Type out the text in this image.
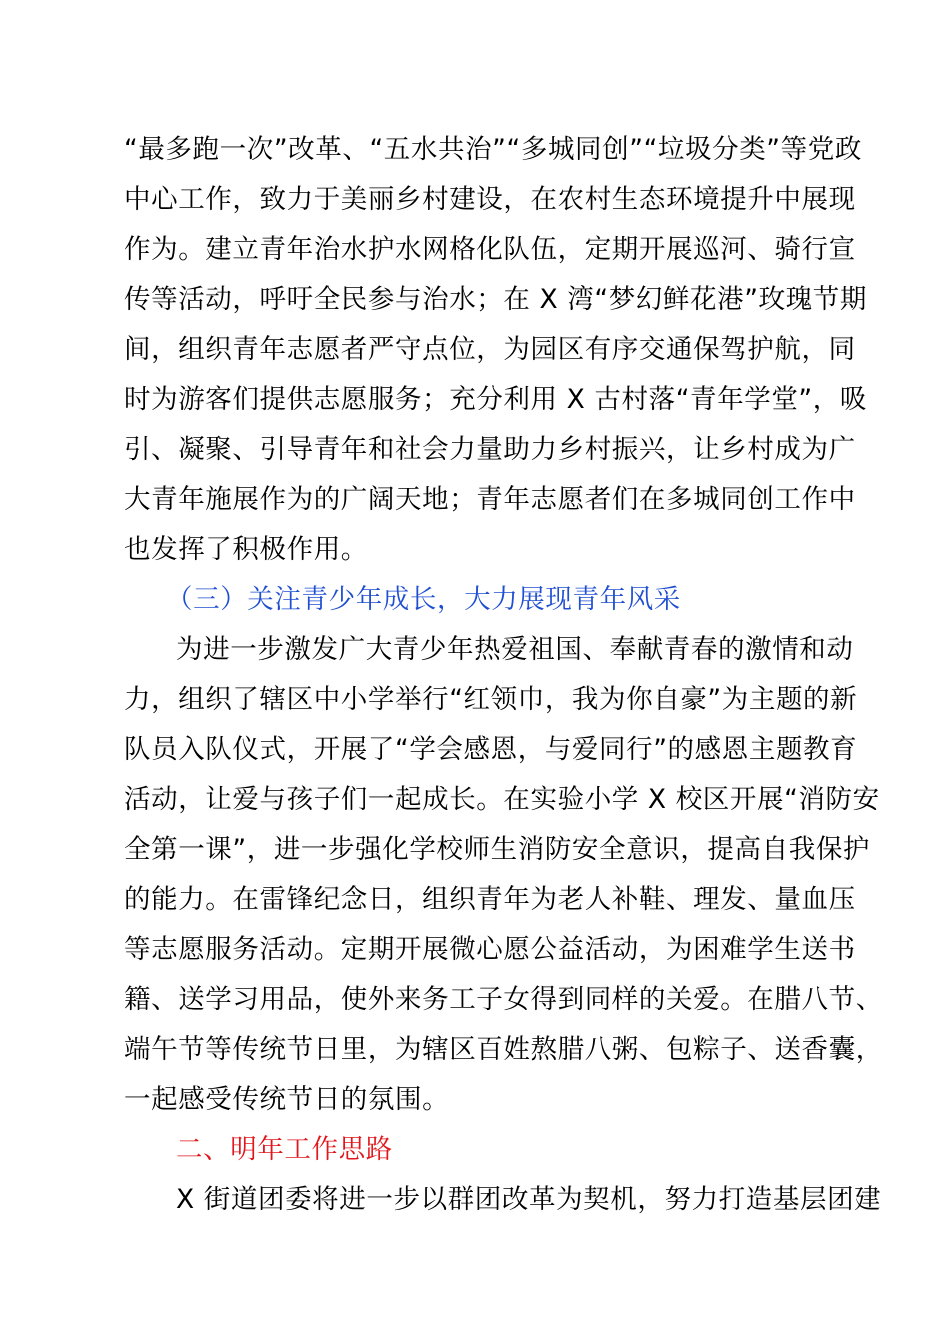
“最多跑一次”改革、“五水共治”“多城同创”“垃圾分类”等党政
中心工作，致力于美丽乡村建设，在农村生态环境提升中展现
作为。建立青年治水护水网格化队伍，定期开展巡河、骑行宣
传等活动，呼吁全民参与治水；在 X 湾“梦幻鲜花港”玫瑰节期
间，组织青年志愿者严守点位，为园区有序交通保驾护航，同
时为游客们提供志愿服务；充分利用 X 古村落“青年学堂”，吸
引、凝聚、引导青年和社会力量助力乡村振兴，让乡村成为广
大青年施展作为的广阔天地；青年志愿者们在多城同创工作中
也发挥了积极作用。
（三）关注青少年成长，大力展现青年风采
为进一步激发广大青少年热爱祖国、奉献青春的激情和动
力，组织了辖区中小学举行“红领巾，我为你自豪”为主题的新
队员入队仪式，开展了“学会感恩，与爱同行”的感恩主题教育
活动，让爱与孩子们一起成长。在实验小学 X 校区开展“消防安
全第一课”，进一步强化学校师生消防安全意识，提高自我保护
的能力。在雷锋纪念日，组织青年为老人补鞋、理发、量血压
等志愿服务活动。定期开展微心愿公益活动，为困难学生送书
籍、送学习用品，使外来务工子女得到同样的关爱。在腊八节、
端午节等传统节日里，为辖区百姓熬腊八粥、包粽子、送香囊，
一起感受传统节日的氛围。
二、明年工作思路
X 街道团委将进一步以群团改革为契机，努力打造基层团建
